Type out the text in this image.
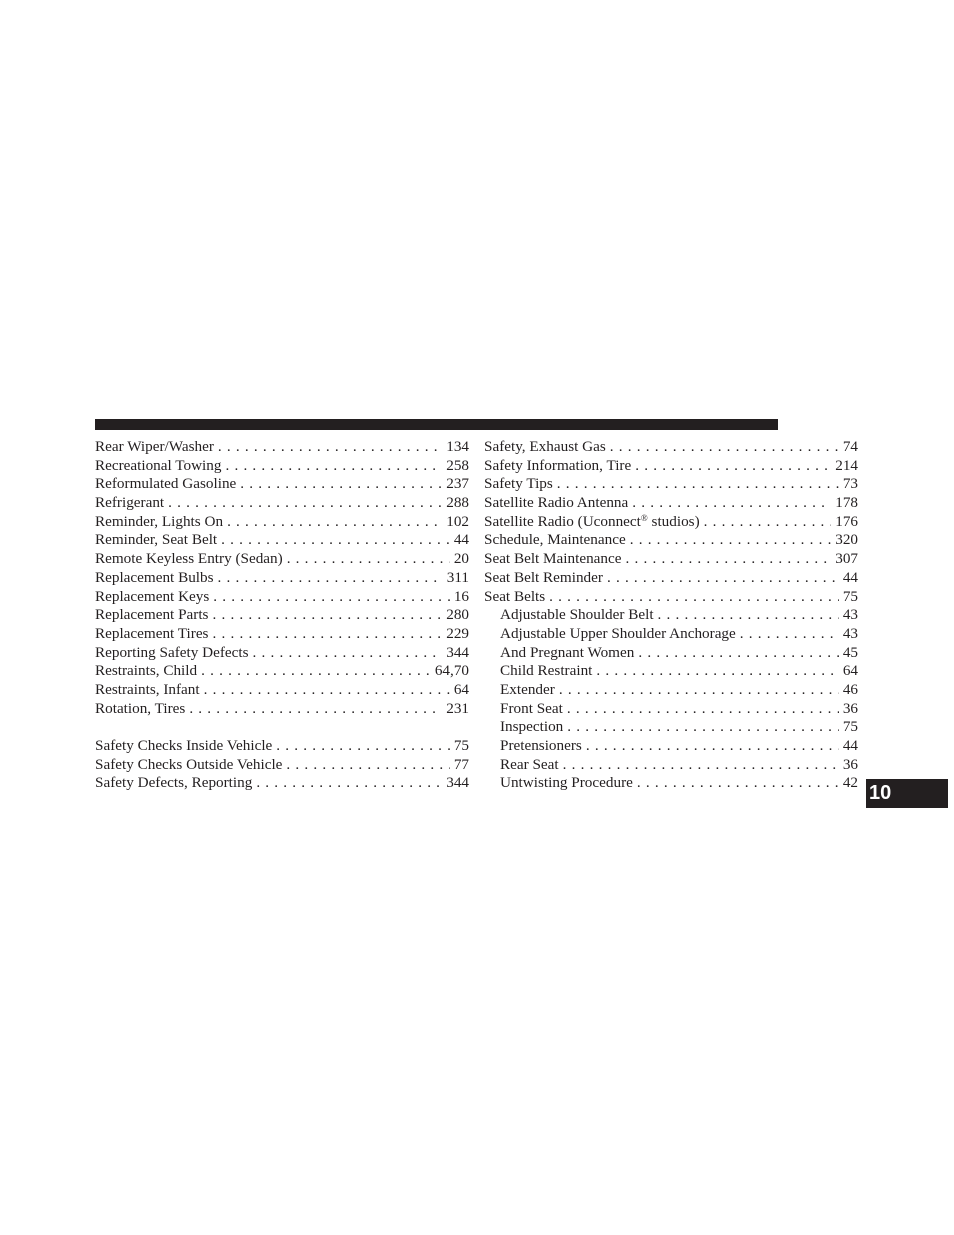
Rear Wiper/Washer . . .	134
Recreational Towing . . .	258
Reformulated Gasoline . . .	237
Refrigerant . . .	288
Reminder, Lights On . . .	102
Reminder, Seat Belt . . .	44
Remote Keyless Entry (Sedan) . . .	20
Replacement Bulbs . . .	311
Replacement Keys . . .	16
Replacement Parts . . .	280
Replacement Tires . . .	229
Reporting Safety Defects . . .	344
Restraints, Child . . .	64,70
Restraints, Infant . . .	64
Rotation, Tires . . .	231
Safety Checks Inside Vehicle . . .	75
Safety Checks Outside Vehicle . . .	77
Safety Defects, Reporting . . .	344
Safety, Exhaust Gas . . .	74
Safety Information, Tire . . .	214
Safety Tips . . .	73
Satellite Radio Antenna . . .	178
Satellite Radio (Uconnect® studios) . . .	176
Schedule, Maintenance . . .	320
Seat Belt Maintenance . . .	307
Seat Belt Reminder . . .	44
Seat Belts . . .	75
Adjustable Shoulder Belt . . .	43
Adjustable Upper Shoulder Anchorage . . .	43
And Pregnant Women . . .	45
Child Restraint . . .	64
Extender . . .	46
Front Seat . . .	36
Inspection . . .	75
Pretensioners . . .	44
Rear Seat . . .	36
Untwisting Procedure . . .	42 10
